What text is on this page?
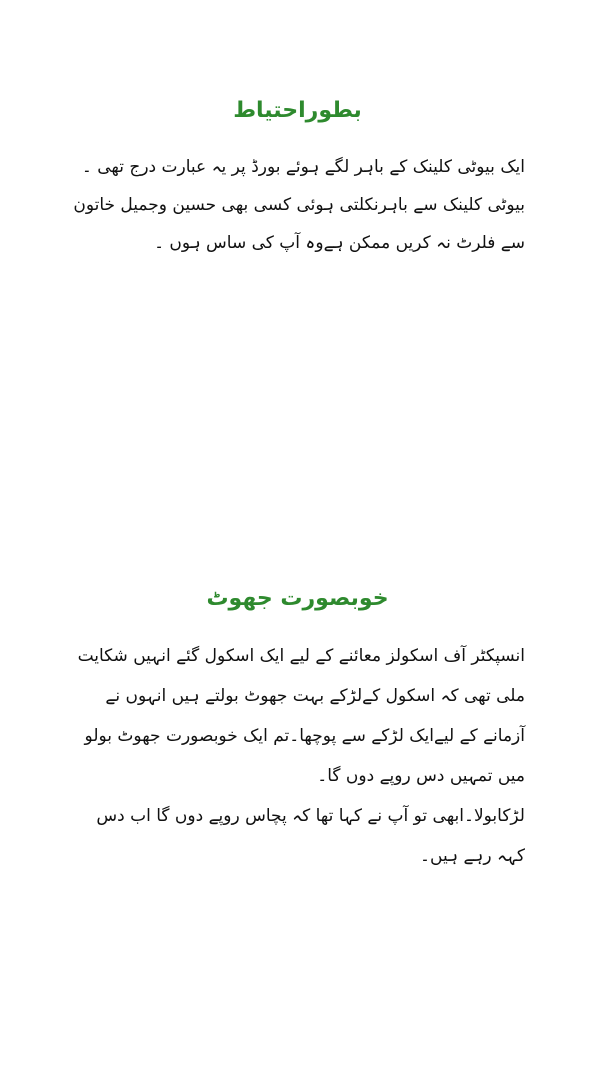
بطوراحتیاط

ایک بیوٹی کلینک کے باہر لگے ہوئے بورڈ پر یہ عبارت درج تھی ۔ بیوٹی کلینک سے باہرنکلتی ہوئی کسی بھی حسین وجمیل خاتون سے فلرٹ نہ کریں ممکن ہےوہ آپ کی ساس ہوں ۔

خوبصورت جھوٹ

انسپکٹر آف اسکولز معائنے کے لیے ایک اسکول گئے انہیں شکایت ملی تھی کہ اسکول کےلڑکے بہت جھوٹ بولتے ہیں انہوں نے آزمانے کے لیےایک لڑکے سے پوچھا۔تم ایک خوبصورت جھوٹ بولو میں تمہیں دس روپے دوں گا۔

لڑکابولا۔ابھی تو آپ نے کہا تھا کہ پچاس روپے دوں گا اب دس کہہ رہے ہیں۔
